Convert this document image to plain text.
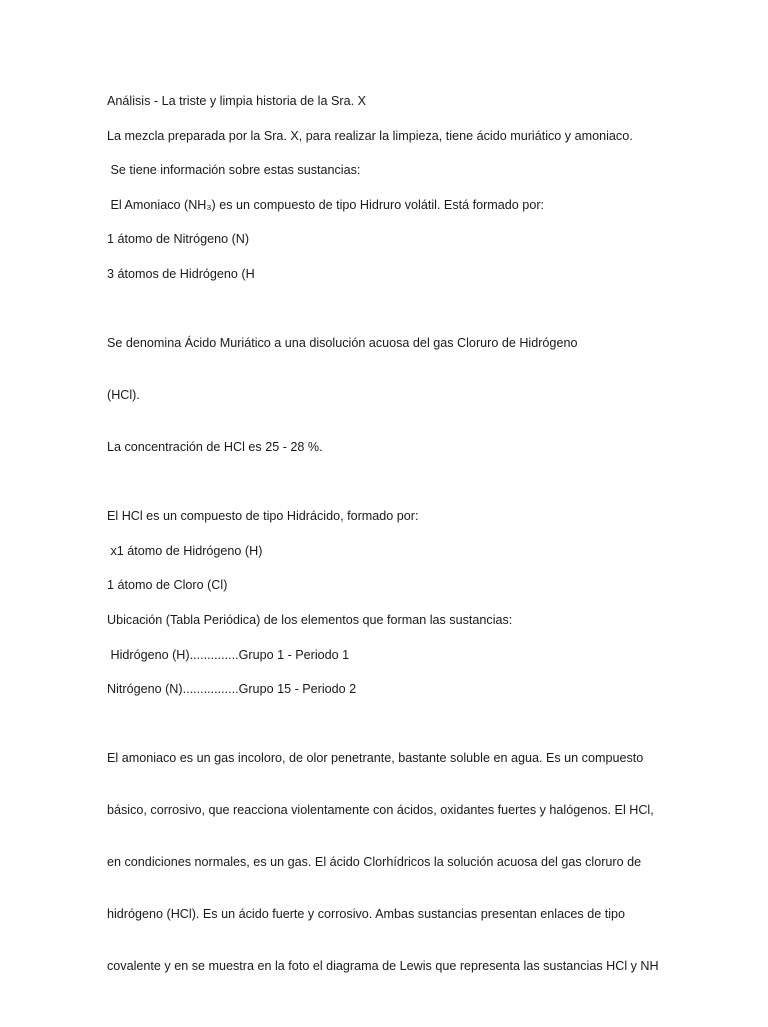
Análisis - La triste y limpia historia de la Sra. X

La mezcla preparada por la Sra. X, para realizar la limpieza, tiene ácido muriático y amoniaco.

Se tiene información sobre estas sustancias:

El Amoniaco (NH₃) es un compuesto de tipo Hidruro volátil. Está formado por:

1 átomo de Nitrógeno (N)

3 átomos de Hidrógeno (H

Se denomina Ácido Muriático a una disolución acuosa del gas Cloruro de Hidrógeno

(HCl).

La concentración de HCl es 25 - 28 %.

El HCl es un compuesto de tipo Hidrácido, formado por:

x1 átomo de Hidrógeno (H)

1 átomo de Cloro (Cl)

Ubicación (Tabla Periódica) de los elementos que forman las sustancias:

Hidrógeno (H)..............Grupo 1 - Periodo 1

Nitrógeno (N)................Grupo 15 - Periodo 2

El amoniaco es un gas incoloro, de olor penetrante, bastante soluble en agua. Es un compuesto

básico, corrosivo, que reacciona violentamente con ácidos, oxidantes fuertes y halógenos. El HCl,

en condiciones normales, es un gas. El ácido Clorhídricos la solución acuosa del gas cloruro de

hidrógeno (HCl). Es un ácido fuerte y corrosivo. Ambas sustancias presentan enlaces de tipo

covalente y en se muestra en la foto el diagrama de Lewis que representa las sustancias HCl y NH
